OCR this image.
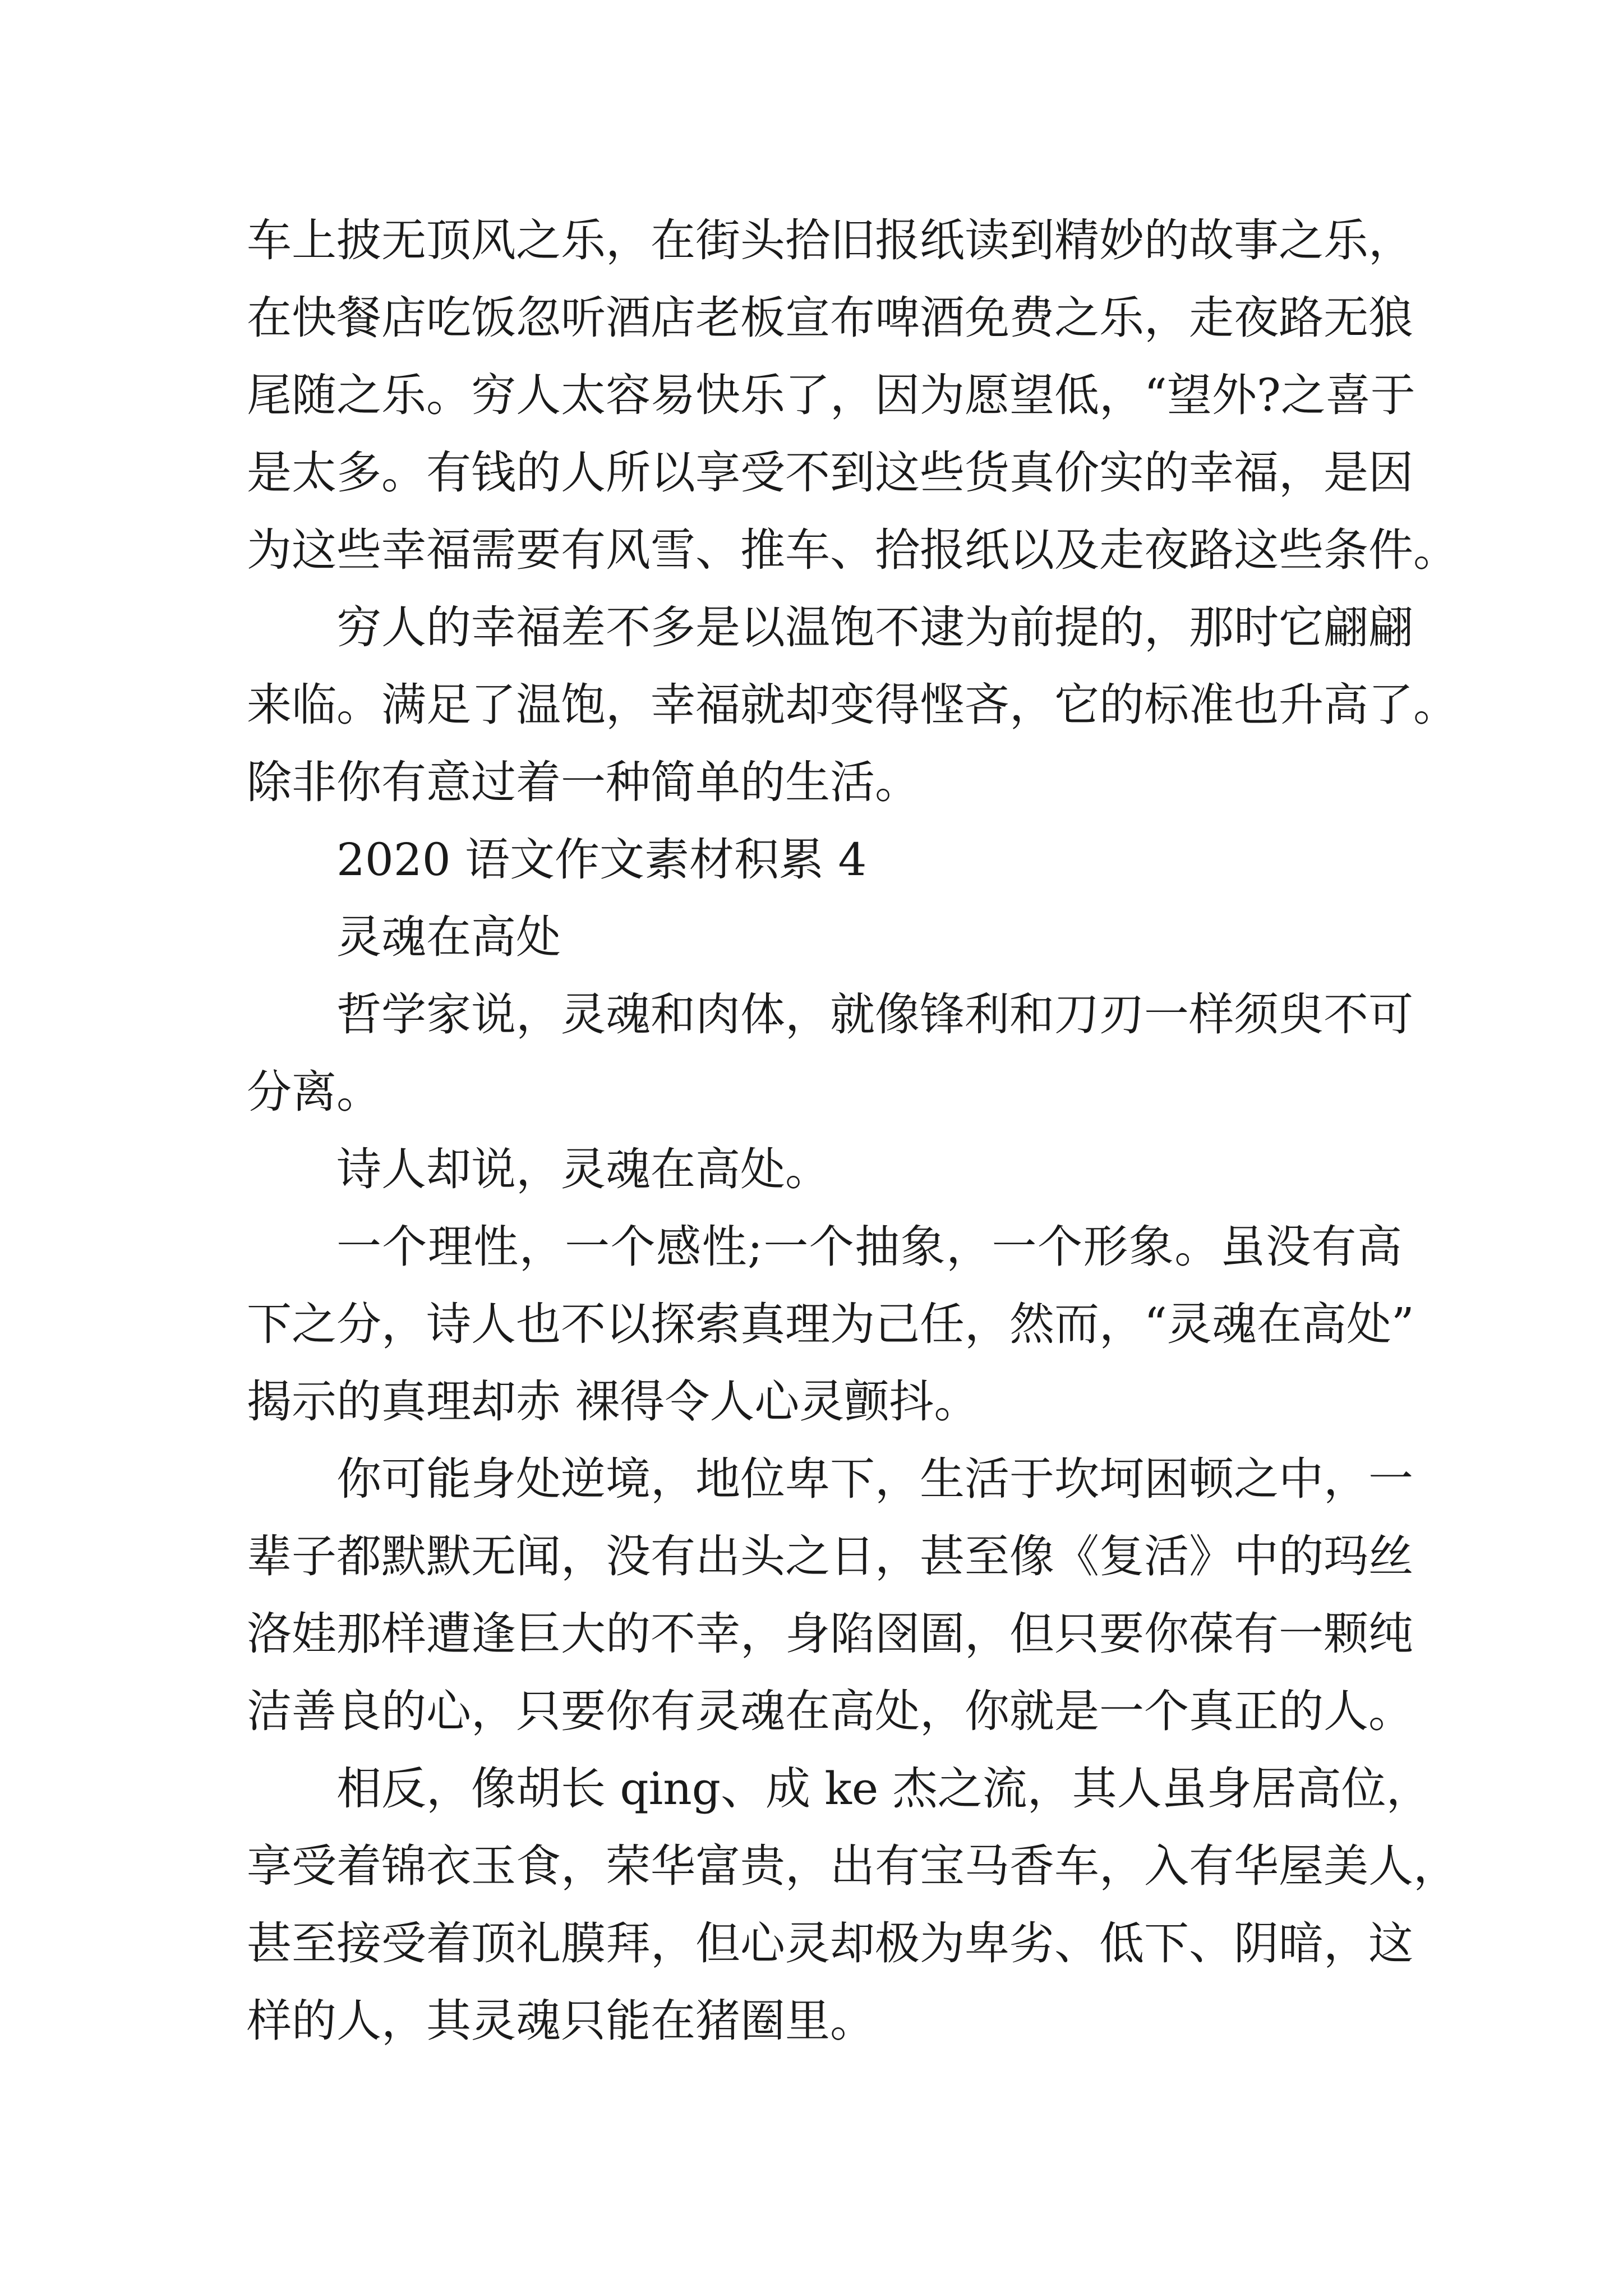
车上披无顶风之乐，在街头拾旧报纸读到精妙的故事之乐，
在快餐店吃饭忽听酒店老板宣布啤酒免费之乐，走夜路无狼
尾随之乐。穷人太容易快乐了，因为愿望低，“望外?之喜于
是太多。有钱的人所以享受不到这些货真价实的幸福，是因
为这些幸福需要有风雪、推车、拾报纸以及走夜路这些条件。
穷人的幸福差不多是以温饱不逮为前提的，那时它翩翩
来临。满足了温饱，幸福就却变得悭吝，它的标准也升高了。
除非你有意过着一种简单的生活。
2020 语文作文素材积累 4
灵魂在高处
哲学家说，灵魂和肉体，就像锋利和刀刃一样须臾不可
分离。
诗人却说，灵魂在高处。
一个理性，一个感性;一个抽象，一个形象。虽没有高
下之分，诗人也不以探索真理为己任，然而，“灵魂在高处”
揭示的真理却赤 裸得令人心灵颤抖。
你可能身处逆境，地位卑下，生活于坎坷困顿之中，一
辈子都默默无闻，没有出头之日，甚至像《复活》中的玛丝
洛娃那样遭逢巨大的不幸，身陷囹圄，但只要你葆有一颗纯
洁善良的心，只要你有灵魂在高处，你就是一个真正的人。
相反，像胡长 qing、成 ke 杰之流，其人虽身居高位，
享受着锦衣玉食，荣华富贵，出有宝马香车，入有华屋美人，
甚至接受着顶礼膜拜，但心灵却极为卑劣、低下、阴暗，这
样的人，其灵魂只能在猪圈里。
